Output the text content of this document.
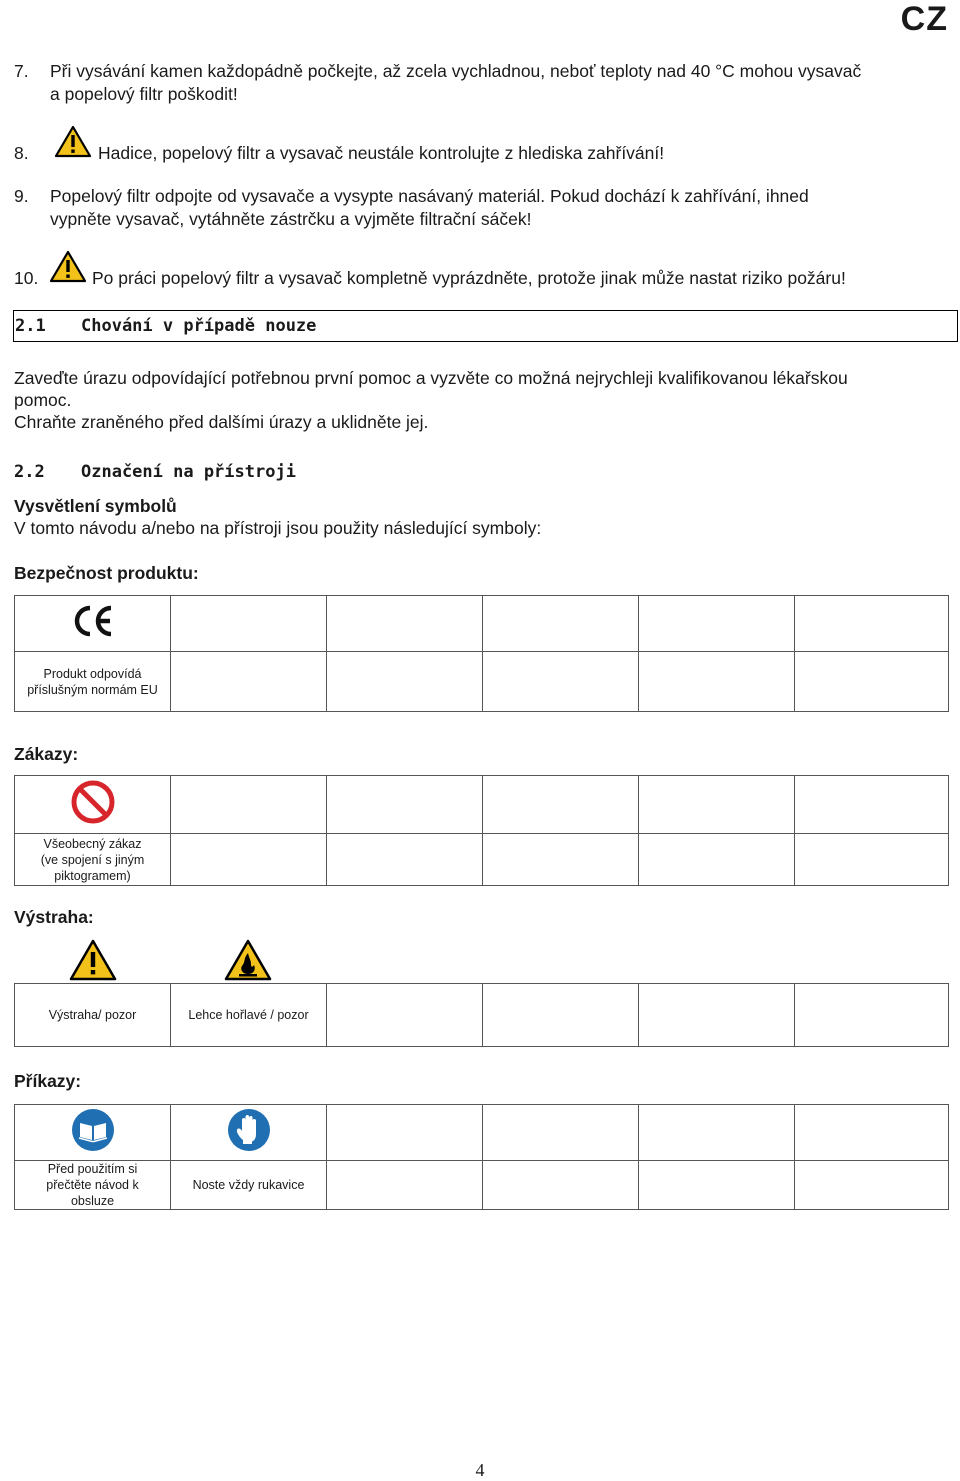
CZ
7. Při vysávání kamen každopádně počkejte, až zcela vychladnou, neboť teploty nad 40 °C mohou vysavač
a popelový filtr poškodit!
8.	Hadice, popelový filtr a vysavač neustále kontrolujte z hlediska zahřívání!
9. Popelový filtr odpojte od vysavače a vysypte nasávaný materiál. Pokud dochází k zahřívání, ihned
vypněte vysavač, vytáhněte zástrčku a vyjměte filtrační sáček!
10.	Po práci popelový filtr a vysavač kompletně vyprázdněte, protože jinak může nastat riziko požáru!
2.1 Chování v případě nouze
Zaveďte úrazu odpovídající potřebnou první pomoc a vyzvěte co možná nejrychleji kvalifikovanou lékařskou
pomoc.
Chraňte zraněného před dalšími úrazy a uklidněte jej.
2.2 Označení na přístroji
Vysvětlení symbolů
V tomto návodu a/nebo na přístroji jsou použity následující symboly:
Bezpečnost produktu:

Produkt odpovídá
příslušným normám EU					

Zákazy:

Všeobecný zákaz
(ve spojení s jiným
piktogramem)					

Výstraha:
Výstraha/ pozor	Lehce hořlavé / pozor				
Příkazy:

Před použitím si
přečtěte návod k
obsluze	Noste vždy rukavice				
4
